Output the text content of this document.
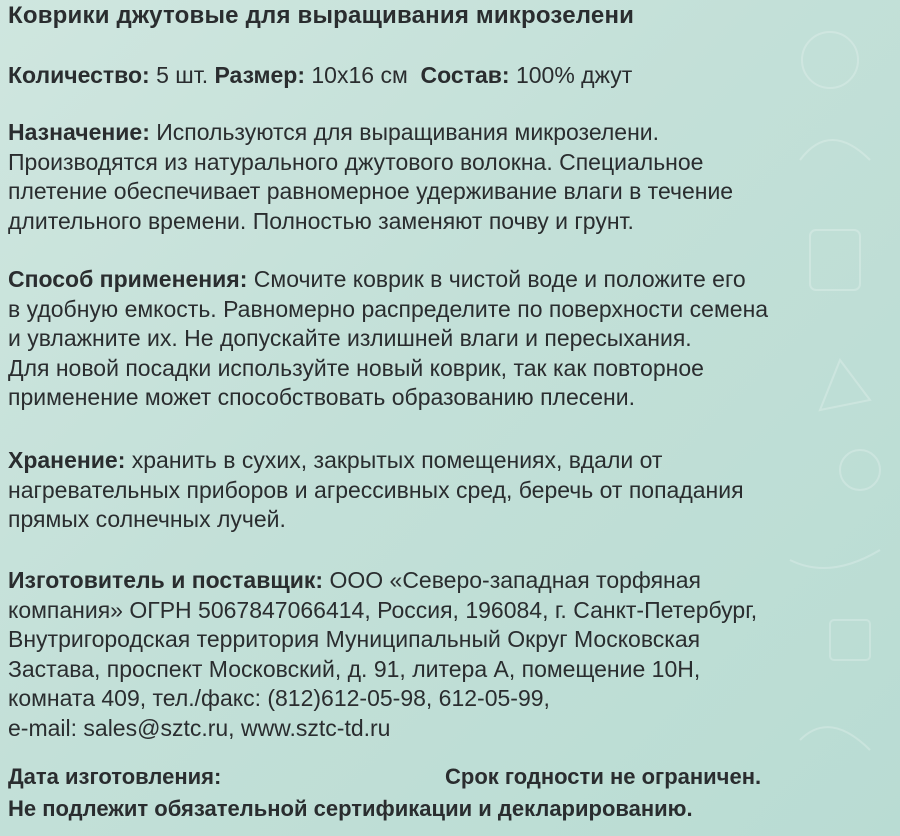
Коврики джутовые для выращивания микрозелени
Количество: 5 шт. Размер: 10х16 см Состав: 100% джут
Назначение: Используются для выращивания микрозелени.
Производятся из натурального джутового волокна. Специальное
плетение обеспечивает равномерное удерживание влаги в течение
длительного времени. Полностью заменяют почву и грунт.
Способ применения: Смочите коврик в чистой воде и положите его
в удобную емкость. Равномерно распределите по поверхности семена
и увлажните их. Не допускайте излишней влаги и пересыхания.
Для новой посадки используйте новый коврик, так как повторное
применение может способствовать образованию плесени.
Хранение: хранить в сухих, закрытых помещениях, вдали от
нагревательных приборов и агрессивных сред, беречь от попадания
прямых солнечных лучей.
Изготовитель и поставщик: ООО «Северо-западная торфяная
компания» ОГРН 5067847066414, Россия, 196084, г. Санкт-Петербург,
Внутригородская территория Муниципальный Округ Московская
Застава, проспект Московский, д. 91, литера А, помещение 10Н,
комната 409, тел./факс: (812)612-05-98, 612-05-99,
e-mail: sales@sztc.ru, www.sztc-td.ru
Дата изготовления:	Срок годности не ограничен.
Не подлежит обязательной сертификации и декларированию.
